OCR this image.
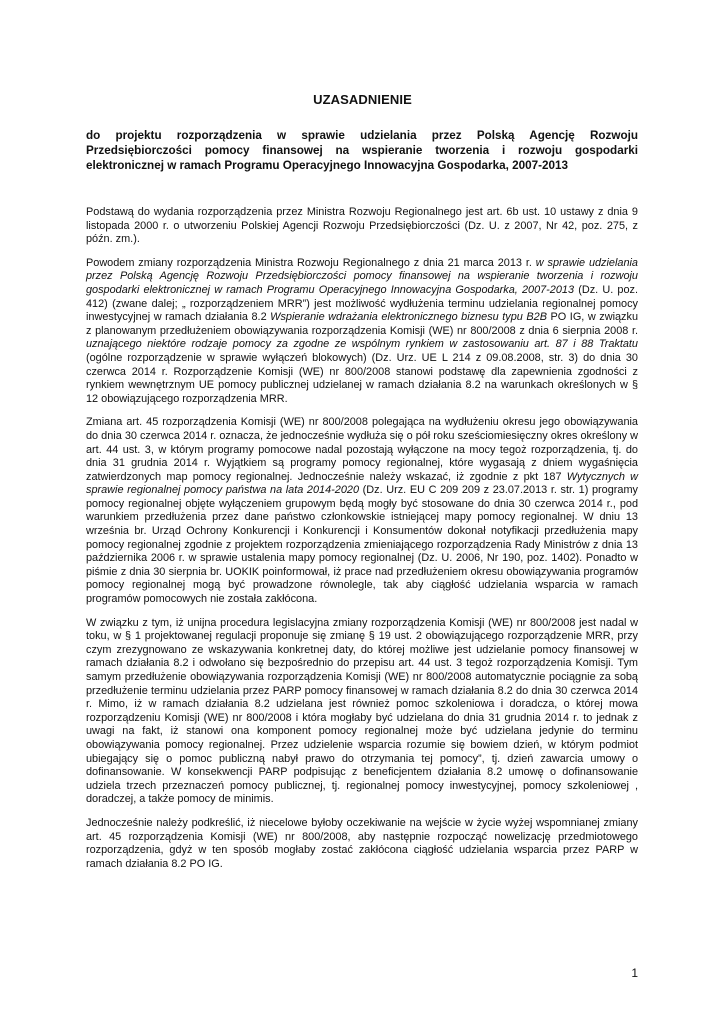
UZASADNIENIE
do projektu rozporządzenia w sprawie udzielania przez Polską Agencję Rozwoju Przedsiębiorczości pomocy finansowej na wspieranie tworzenia i rozwoju gospodarki elektronicznej w ramach Programu Operacyjnego Innowacyjna Gospodarka, 2007-2013

Podstawą do wydania rozporządzenia przez Ministra Rozwoju Regionalnego jest art. 6b ust. 10 ustawy z dnia 9 listopada 2000 r. o utworzeniu Polskiej Agencji Rozwoju Przedsiębiorczości (Dz. U. z 2007, Nr 42, poz. 275, z późn. zm.).

Powodem zmiany rozporządzenia Ministra Rozwoju Regionalnego z dnia 21 marca 2013 r. w sprawie udzielania przez Polską Agencję Rozwoju Przedsiębiorczości pomocy finansowej na wspieranie tworzenia i rozwoju gospodarki elektronicznej w ramach Programu Operacyjnego Innowacyjna Gospodarka, 2007-2013 (Dz. U. poz. 412) (zwane dalej; „ rozporządzeniem MRR”) jest możliwość wydłużenia terminu udzielania regionalnej pomocy inwestycyjnej w ramach działania 8.2 Wspieranie wdrażania elektronicznego biznesu typu B2B PO IG, w związku z planowanym przedłużeniem obowiązywania rozporządzenia Komisji (WE) nr 800/2008 z dnia 6 sierpnia 2008 r. uznającego niektóre rodzaje pomocy za zgodne ze wspólnym rynkiem w zastosowaniu art. 87 i 88 Traktatu (ogólne rozporządzenie w sprawie wyłączeń blokowych) (Dz. Urz. UE L 214 z 09.08.2008, str. 3) do dnia 30 czerwca 2014 r. Rozporządzenie Komisji (WE) nr 800/2008 stanowi podstawę dla zapewnienia zgodności z rynkiem wewnętrznym UE pomocy publicznej udzielanej w ramach działania 8.2 na warunkach określonych w § 12 obowiązującego rozporządzenia MRR.

Zmiana art. 45 rozporządzenia Komisji (WE) nr 800/2008 polegająca na wydłużeniu okresu jego obowiązywania do dnia 30 czerwca 2014 r. oznacza, że jednocześnie wydłuża się o pół roku sześciomiesięczny okres określony w art. 44 ust. 3, w którym programy pomocowe nadal pozostają wyłączone na mocy tegoż rozporządzenia, tj. do dnia 31 grudnia 2014 r. Wyjątkiem są programy pomocy regionalnej, które wygasają z dniem wygaśnięcia zatwierdzonych map pomocy regionalnej. Jednocześnie należy wskazać, iż zgodnie z pkt 187 Wytycznych w sprawie regionalnej pomocy państwa na lata 2014-2020 (Dz. Urz. EU C 209 209 z 23.07.2013 r. str. 1) programy pomocy regionalnej objęte wyłączeniem grupowym będą mogły być stosowane do dnia 30 czerwca 2014 r., pod warunkiem przedłużenia przez dane państwo członkowskie istniejącej mapy pomocy regionalnej. W dniu 13 września br. Urząd Ochrony Konkurencji i Konkurencji i Konsumentów dokonał notyfikacji przedłużenia mapy pomocy regionalnej zgodnie z projektem rozporządzenia zmieniającego rozporządzenia Rady Ministrów z dnia 13 października 2006 r. w sprawie ustalenia mapy pomocy regionalnej (Dz. U. 2006, Nr 190, poz. 1402). Ponadto w piśmie z dnia 30 sierpnia br. UOKIK poinformował, iż prace nad przedłużeniem okresu obowiązywania programów pomocy regionalnej mogą być prowadzone równolegle, tak aby ciągłość udzielania wsparcia w ramach programów pomocowych nie została zakłócona.

W związku z tym, iż unijna procedura legislacyjna zmiany rozporządzenia Komisji (WE) nr 800/2008 jest nadal w toku, w § 1 projektowanej regulacji proponuje się zmianę § 19 ust. 2 obowiązującego rozporządzenie MRR, przy czym zrezygnowano ze wskazywania konkretnej daty, do której możliwe jest udzielanie pomocy finansowej w ramach działania 8.2 i odwołano się bezpośrednio do przepisu art. 44 ust. 3 tegoż rozporządzenia Komisji. Tym samym przedłużenie obowiązywania rozporządzenia Komisji (WE) nr 800/2008 automatycznie pociągnie za sobą przedłużenie terminu udzielania przez PARP pomocy finansowej w ramach działania 8.2 do dnia 30 czerwca 2014 r. Mimo, iż w ramach działania 8.2 udzielana jest również pomoc szkoleniowa i doradcza, o której mowa rozporządzeniu Komisji (WE) nr 800/2008 i która mogłaby być udzielana do dnia 31 grudnia 2014 r. to jednak z uwagi na fakt, iż stanowi ona komponent pomocy regionalnej może być udzielana jedynie do terminu obowiązywania pomocy regionalnej. Przez udzielenie wsparcia rozumie się bowiem dzień, w którym podmiot ubiegający się o pomoc publiczną nabył prawo do otrzymania tej pomocy”, tj. dzień zawarcia umowy o dofinansowanie. W konsekwencji PARP podpisując z beneficjentem działania 8.2 umowę o dofinansowanie udziela trzech przeznaczeń pomocy publicznej, tj. regionalnej pomocy inwestycyjnej, pomocy szkoleniowej , doradczej, a także pomocy de minimis.

Jednocześnie należy podkreślić, iż niecelowe byłoby oczekiwanie na wejście w życie wyżej wspomnianej zmiany art. 45 rozporządzenia Komisji (WE) nr 800/2008, aby następnie rozpocząć nowelizację przedmiotowego rozporządzenia, gdyż w ten sposób mogłaby zostać zakłócona ciągłość udzielania wsparcia przez PARP w ramach działania 8.2 PO IG.

1
